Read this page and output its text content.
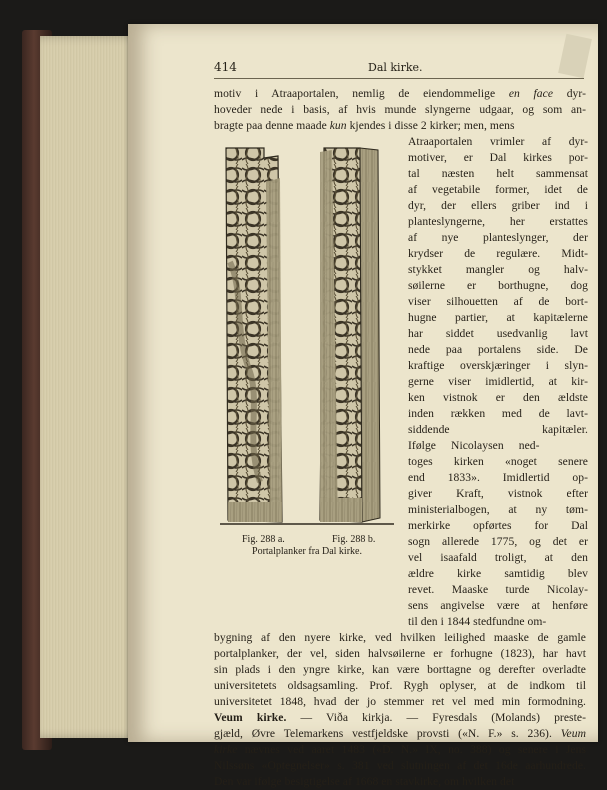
414	Dal kirke.
motiv i Atraaportalen, nemlig de eiendommelige en face dyr-
hoveder nede i basis, af hvis munde slyngerne udgaar, og som an-
bragte paa denne maade kun kjendes i disse 2 kirker; men, mens
Fig. 288 a.	Fig. 288 b.
Portalplanker fra Dal kirke.
Atraaportalen vrimler af dyr-
motiver, er Dal kirkes por-
tal næsten helt sammensat
af vegetabile former, idet de
dyr, der ellers griber ind i
planteslyngerne, her erstattes
af nye planteslynger, der
krydser de regulære. Midt-
stykket mangler og halv-
søilerne er borthugne, dog
viser silhouetten af de bort-
hugne partier, at kapitælerne
har siddet usedvanlig lavt
nede paa portalens side. De
kraftige overskjæringer i slyn-
gerne viser imidlertid, at kir-
ken vistnok er den ældste
inden rækken med de lavt-
siddende kapitæler.
Ifølge Nicolaysen ned-
toges kirken «noget senere
end 1833». Imidlertid op-
giver Kraft, vistnok efter
ministerialbogen, at ny tøm-
merkirke opførtes for Dal
sogn allerede 1775, og det er
vel isaafald troligt, at den
ældre kirke samtidig blev
revet. Maaske turde Nicolay-
sens angivelse være at henføre
til den i 1844 stedfundne om-
bygning af den nyere kirke, ved hvilken leilighed maaske de gamle
portalplanker, der vel, siden halvsøilerne er forhugne (1823), har havt
sin plads i den yngre kirke, kan være borttagne og derefter overladte
universitetets oldsagsamling. Prof. Rygh oplyser, at de indkom til
universitetet 1848, hvad der jo stemmer ret vel med min formodning.
Veum kirke. — Viða kirkja. — Fyresdals (Molands) preste-
gjæld, Øvre Telemarkens vestfjeldske provsti («N. F.» s. 236). Veum
kirke nævnes ved aaret 1483 («D. N.» IX, no. 388) og senere i Jens
Nilssøns «Optegnelser» s. 381 ved slutningen af det 16de aarhundrede.
Den var ifølge besigtigelse af 1668 en stavkirke, om hvilken det
